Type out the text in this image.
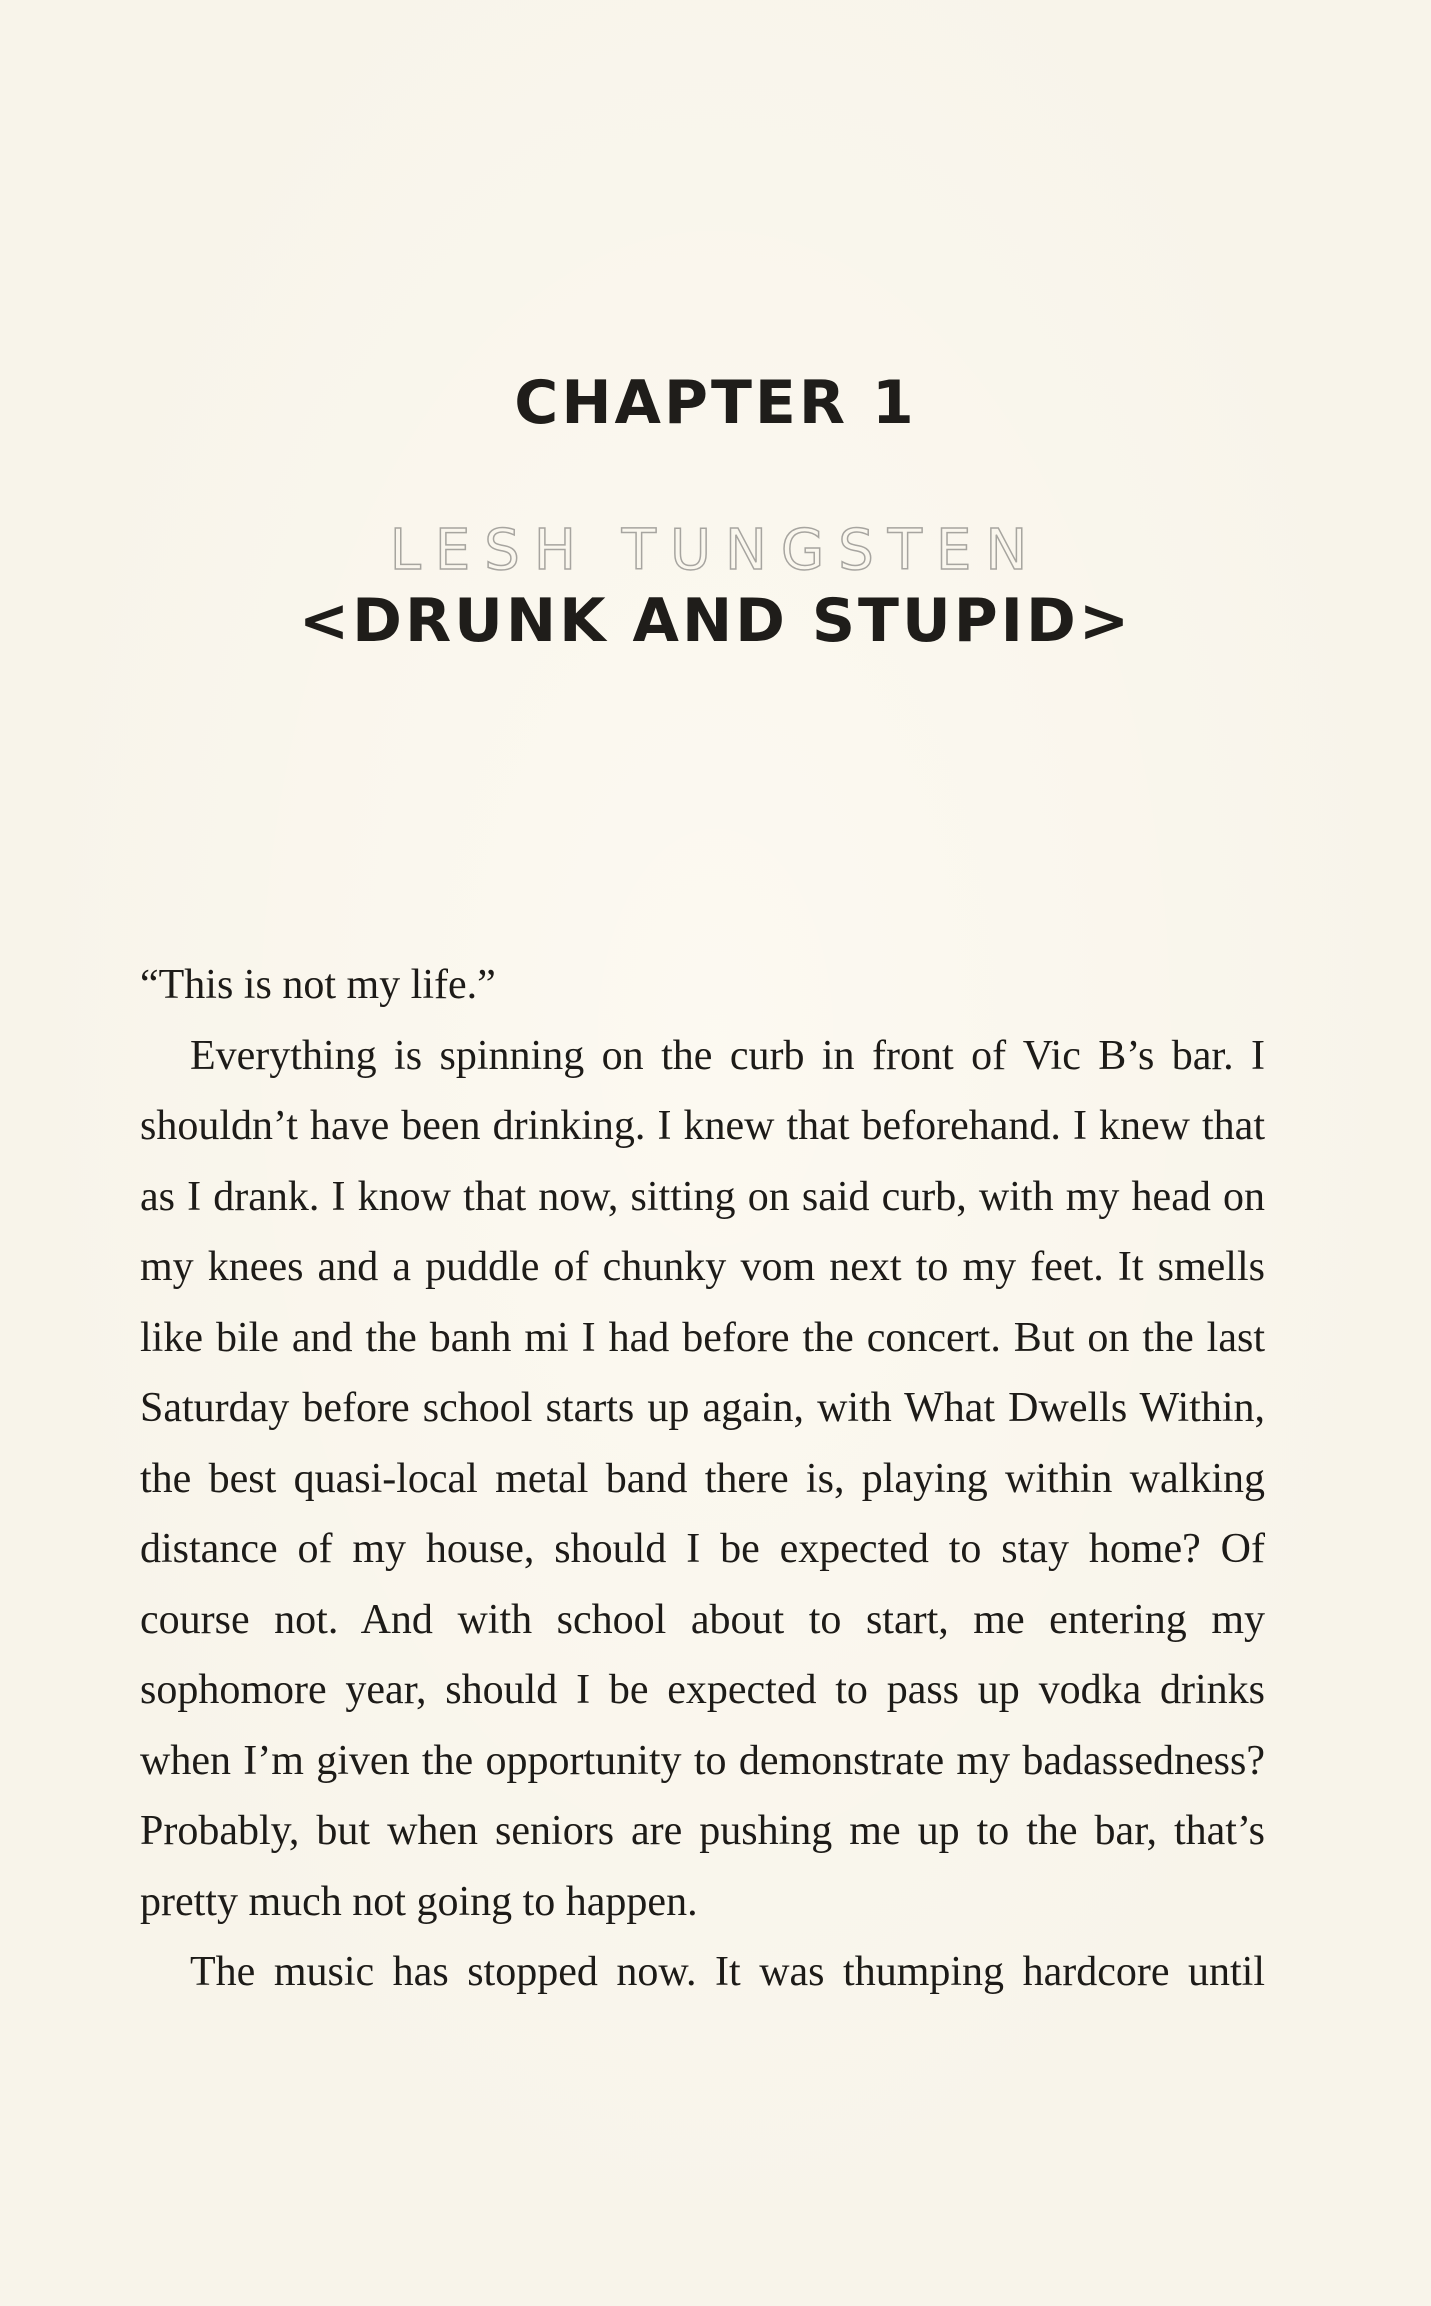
CHAPTER 1
LESH TUNGSTEN
<DRUNK AND STUPID>

“This is not my life.”

Everything is spinning on the curb in front of Vic B’s bar. I shouldn’t have been drinking. I knew that beforehand. I knew that as I drank. I know that now, sitting on said curb, with my head on my knees and a puddle of chunky vom next to my feet. It smells like bile and the banh mi I had before the concert. But on the last Saturday before school starts up again, with What Dwells Within, the best quasi-local metal band there is, playing within walking distance of my house, should I be expected to stay home? Of course not. And with school about to start, me entering my sophomore year, should I be expected to pass up vodka drinks when I’m given the opportunity to demonstrate my badassedness? Probably, but when seniors are pushing me up to the bar, that’s pretty much not going to happen.

The music has stopped now. It was thumping hardcore until
